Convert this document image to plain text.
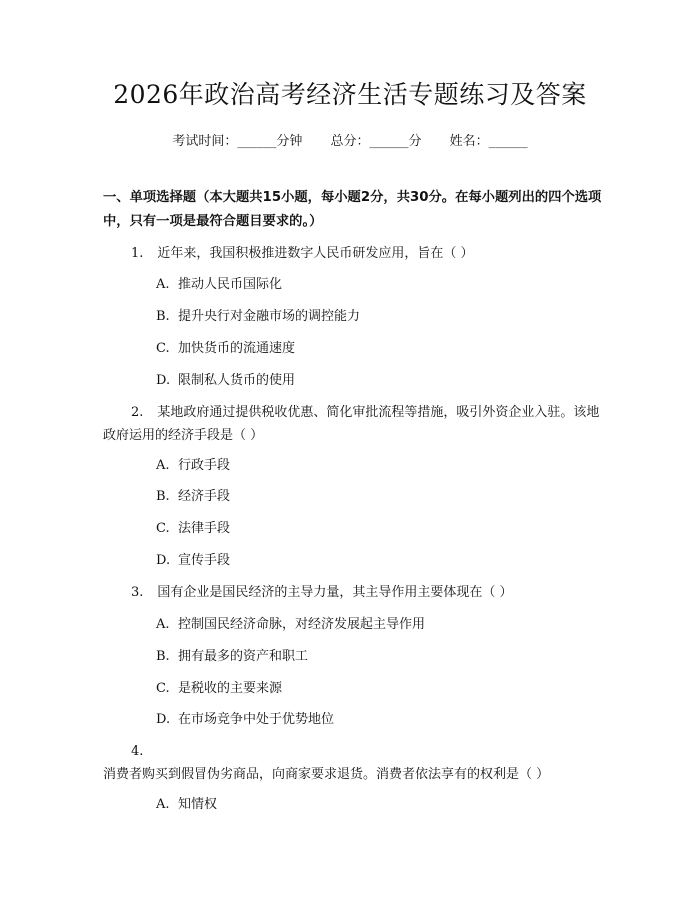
2026年政治高考经济生活专题练习及答案
考试时间：______分钟 总分：______分 姓名：______
一、单项选择题（本大题共15小题，每小题2分，共30分。在每小题列出的四个选项中，只有一项是最符合题目要求的。）
1. 近年来，我国积极推进数字人民币研发应用，旨在（ ）
A. 推动人民币国际化
B. 提升央行对金融市场的调控能力
C. 加快货币的流通速度
D. 限制私人货币的使用
2. 某地政府通过提供税收优惠、简化审批流程等措施，吸引外资企业入驻。该地政府运用的经济手段是（ ）
A. 行政手段
B. 经济手段
C. 法律手段
D. 宣传手段
3. 国有企业是国民经济的主导力量，其主导作用主要体现在（ ）
A. 控制国民经济命脉，对经济发展起主导作用
B. 拥有最多的资产和职工
C. 是税收的主要来源
D. 在市场竞争中处于优势地位
4.消费者购买到假冒伪劣商品，向商家要求退货。消费者依法享有的权利是（ ）
A. 知情权
